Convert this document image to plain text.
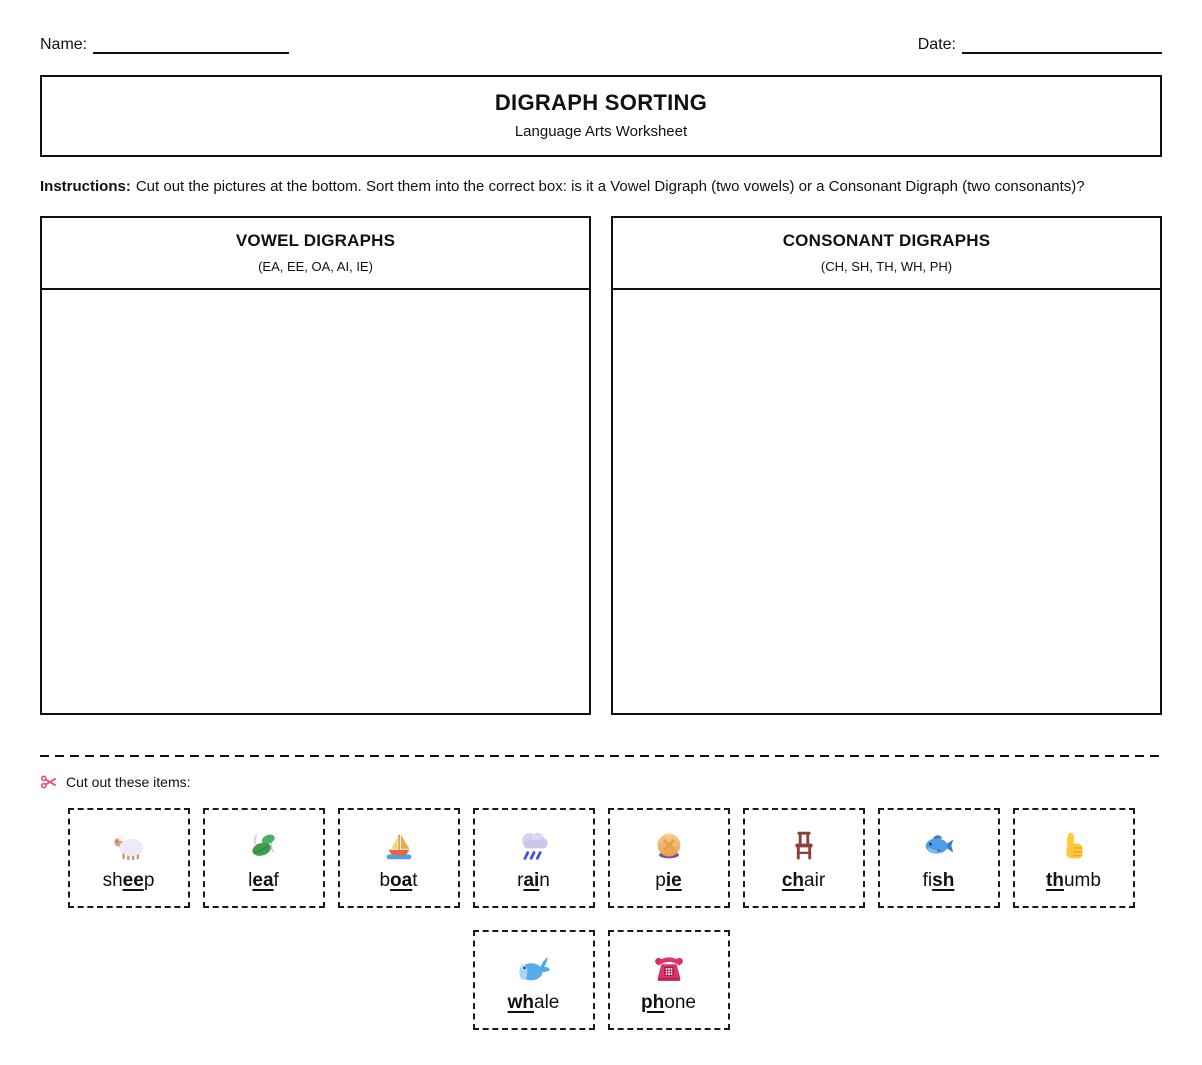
Name:	Date:
DIGRAPH SORTING
Language Arts Worksheet
Instructions: Cut out the pictures at the bottom. Sort them into the correct box: is it a Vowel Digraph (two vowels) or a Consonant Digraph (two consonants)?
VOWEL DIGRAPHS
(EA, EE, OA, AI, IE)
CONSONANT DIGRAPHS
(CH, SH, TH, WH, PH)
Cut out these items:
sheep	leaf	boat	rain	pie	chair	fish	thumb
whale	phone
